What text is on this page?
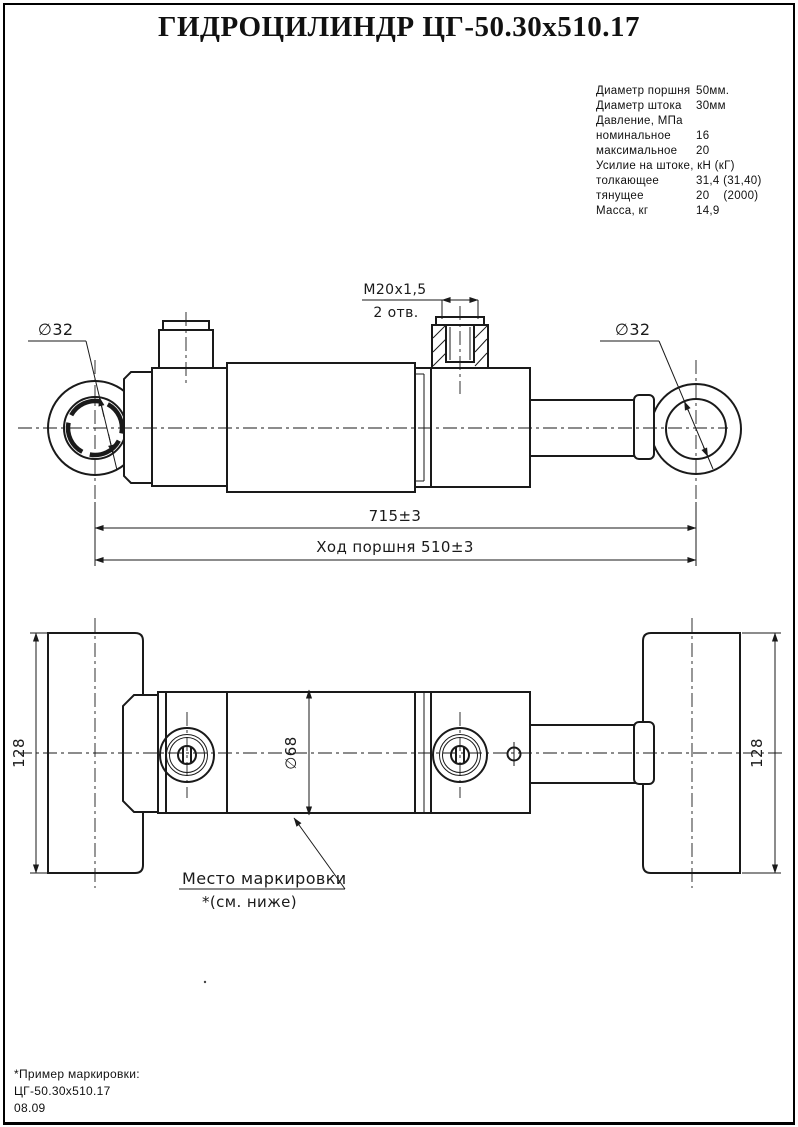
ГИДРОЦИЛИНДР ЦГ-50.30х510.17
Диаметр поршня 50мм.
Диаметр штока	30мм
Давление, МПа
номинальное	16
максимальное	20
Усилие на штоке, кН (кГ)
толкающее	31,4 (31,40)
тянущее	20    (2000)
Масса, кг	14,9
∅32	∅32
М20х1,5
2 отв.
715±3
Ход поршня 510±3
128	128
∅68
Место маркировки
*(см. ниже)
*Пример маркировки:
ЦГ-50.30х510.17
08.09
